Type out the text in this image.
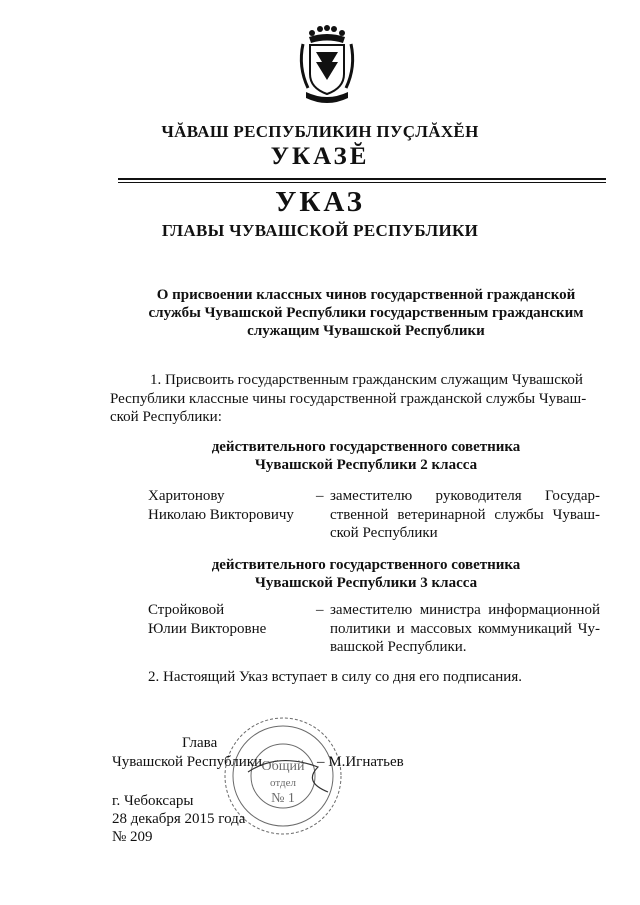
ЧĂВАШ РЕСПУБЛИКИН ПУÇЛĂХĔН
УКАЗĔ
УКАЗ
ГЛАВЫ ЧУВАШСКОЙ РЕСПУБЛИКИ
О присвоении классных чинов государственной гражданской
службы Чувашской Республики государственным гражданским
служащим Чувашской Республики
1. Присвоить государственным гражданским служащим Чувашской
Республики классные чины государственной гражданской службы Чуваш-
ской Республики:
действительного государственного советника
Чувашской Республики 2 класса
Харитонову
Николаю Викторовичу
– заместителю руководителя Государ-
ственной ветеринарной службы Чуваш-
ской Республики
действительного государственного советника
Чувашской Республики 3 класса
Стройковой
Юлии Викторовне
– заместителю министра информационной
политики и массовых коммуникаций Чу-
вашской Республики.
2. Настоящий Указ вступает в силу со дня его подписания.
Общий
отдел
№ 1
Глава
Чувашской Республики	– М.Игнатьев
г. Чебоксары
28 декабря 2015 года
№ 209
